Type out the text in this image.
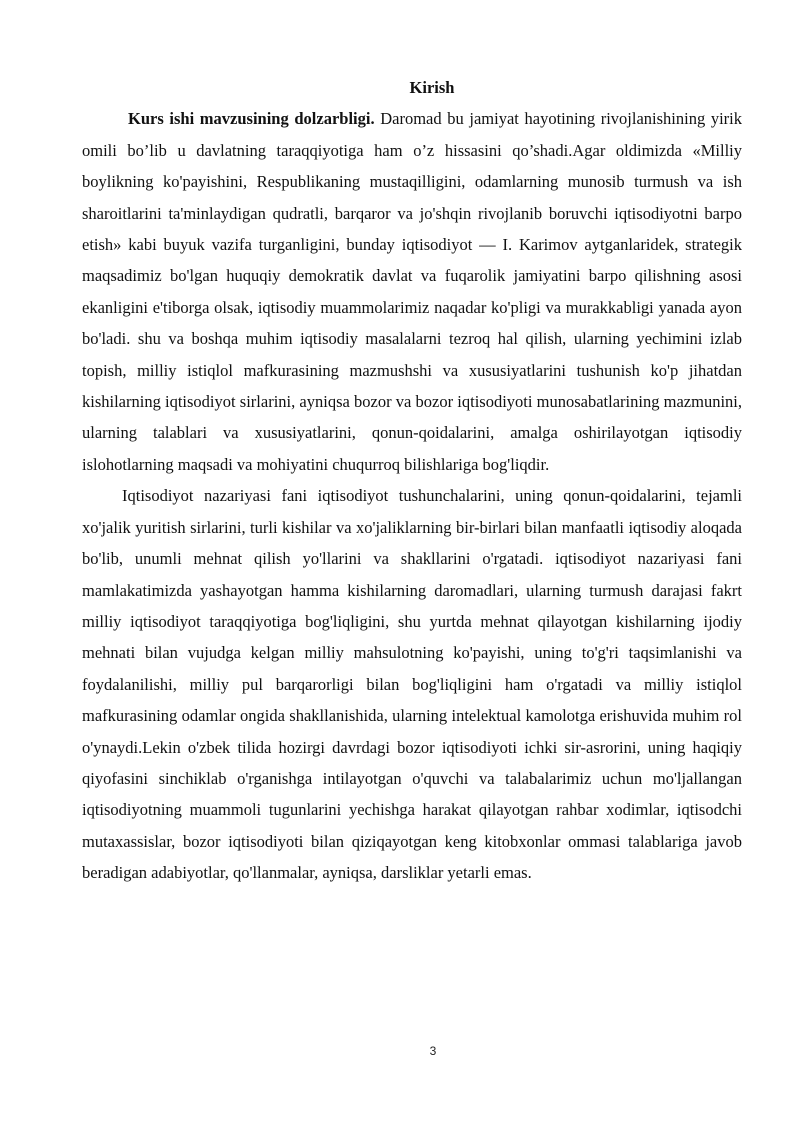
Kirish

Kurs ishi mavzusining dolzarbligi. Daromad bu jamiyat hayotining rivojlanishining yirik omili bo’lib u davlatning taraqqiyotiga ham o’z hissasini qo’shadi.Agar oldimizda «Milliy boylikning ko'payishini, Respublikaning mustaqilligini, odamlarning munosib turmush va ish sharoitlarini ta'minlaydigan qudratli, barqaror va jo'shqin rivojlanib boruvchi iqtisodiyotni barpo etish» kabi buyuk vazifa turganligini, bunday iqtisodiyot — I. Karimov aytganlaridek, strategik maqsadimiz bo'lgan huquqiy demokratik davlat va fuqarolik jamiyatini barpo qilishning asosi ekanligini e'tiborga olsak, iqtisodiy muammolarimiz naqadar ko'pligi va murakkabligi yanada ayon bo'ladi. shu va boshqa muhim iqtisodiy masalalarni tezroq hal qilish, ularning yechimini izlab topish, milliy istiqlol mafkurasining mazmushshi va xususiyatlarini tushunish ko'p jihatdan kishilarning iqtisodiyot sirlarini, ayniqsa bozor va bozor iqtisodiyoti munosabatlarining mazmunini, ularning talablari va xususiyatlarini, qonun-qoidalarini, amalga oshirilayotgan iqtisodiy islohotlarning maqsadi va mohiyatini chuqurroq bilishlariga bog'liqdir.

Iqtisodiyot nazariyasi fani iqtisodiyot tushunchalarini, uning qonun-qoidalarini, tejamli xo'jalik yuritish sirlarini, turli kishilar va xo'jaliklarning bir-birlari bilan manfaatli iqtisodiy aloqada bo'lib, unumli mehnat qilish yo'llarini va shakllarini o'rgatadi. iqtisodiyot nazariyasi fani mamlakatimizda yashayotgan hamma kishilarning daromadlari, ularning turmush darajasi fakrt milliy iqtisodiyot taraqqiyotiga bog'liqligini, shu yurtda mehnat qilayotgan kishilarning ijodiy mehnati bilan vujudga kelgan milliy mahsulotning ko'payishi, uning to'g'ri taqsimlanishi va foydalanilishi, milliy pul barqarorligi bilan bog'liqligini ham o'rgatadi va milliy istiqlol mafkurasining odamlar ongida shakllanishida, ularning intelektual kamolotga erishuvida muhim rol o'ynaydi.Lekin o'zbek tilida hozirgi davrdagi bozor iqtisodiyoti ichki sir-asrorini, uning haqiqiy qiyofasini sinchiklab o'rganishga intilayotgan o'quvchi va talabalarimiz uchun mo'ljallangan iqtisodiyotning muammoli tugunlarini yechishga harakat qilayotgan rahbar xodimlar, iqtisodchi mutaxassislar, bozor iqtisodiyoti bilan qiziqayotgan keng kitobxonlar ommasi talablariga javob beradigan adabiyotlar, qo'llanmalar, ayniqsa, darsliklar yetarli emas.

3
